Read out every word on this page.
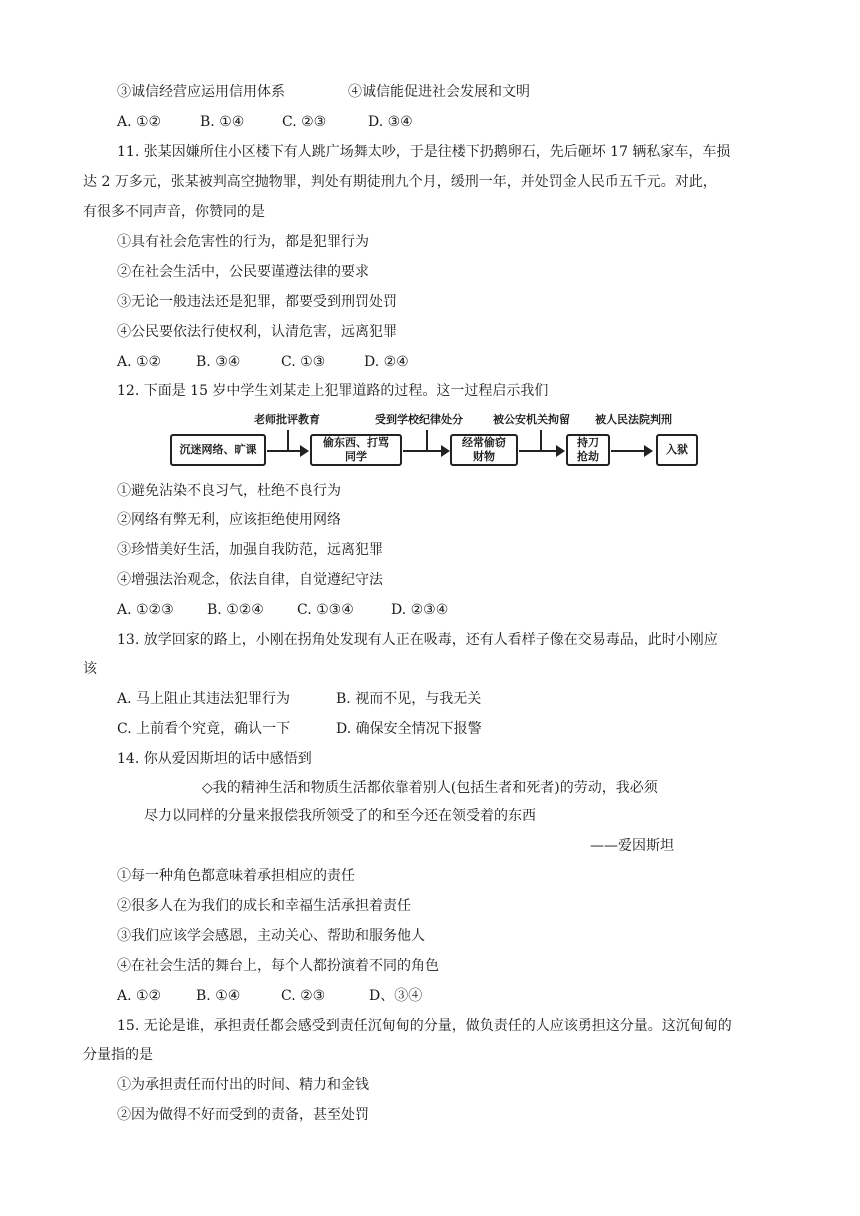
③诚信经营应运用信用体系	④诚信能促进社会发展和文明
A. ①②	B. ①④	C. ②③	D. ③④
11. 张某因嫌所住小区楼下有人跳广场舞太吵，于是往楼下扔鹅卵石，先后砸坏 17 辆私家车，车损
达 2 万多元，张某被判高空抛物罪，判处有期徒刑九个月，缓刑一年，并处罚金人民币五千元。对此，
有很多不同声音，你赞同的是
①具有社会危害性的行为，都是犯罪行为
②在社会生活中，公民要谨遵法律的要求
③无论一般违法还是犯罪，都要受到刑罚处罚
④公民要依法行使权利，认清危害，远离犯罪
A. ①② B. ③④	C. ①③	D. ②④
12. 下面是 15 岁中学生刘某走上犯罪道路的过程。这一过程启示我们
老师批评教育	受到学校纪律处分	被公安机关拘留 被人民法院判刑
沉迷网络、旷课
偷东西、打骂同学
经常偷窃财物
持刀抢劫
入狱
①避免沾染不良习气，杜绝不良行为
②网络有弊无利，应该拒绝使用网络
③珍惜美好生活，加强自我防范，远离犯罪
④增强法治观念，依法自律，自觉遵纪守法
A. ①②③ B. ①②④ C. ①③④	D. ②③④
13. 放学回家的路上，小刚在拐角处发现有人正在吸毒，还有人看样子像在交易毒品，此时小刚应
该
A. 马上阻止其违法犯罪行为	B. 视而不见，与我无关
C. 上前看个究竟，确认一下	D. 确保安全情况下报警
14. 你从爱因斯坦的话中感悟到
◇我的精神生活和物质生活都依靠着别人(包括生者和死者)的劳动，我必须
尽力以同样的分量来报偿我所领受了的和至今还在领受着的东西
——爱因斯坦
①每一种角色都意味着承担相应的责任
②很多人在为我们的成长和幸福生活承担着责任
③我们应该学会感恩，主动关心、帮助和服务他人
④在社会生活的舞台上，每个人都扮演着不同的角色
A. ①② B. ①④	C. ②③	D、③④
15. 无论是谁，承担责任都会感受到责任沉甸甸的分量，做负责任的人应该勇担这分量。这沉甸甸的
分量指的是
①为承担责任而付出的时间、精力和金钱
②因为做得不好而受到的责备，甚至处罚
